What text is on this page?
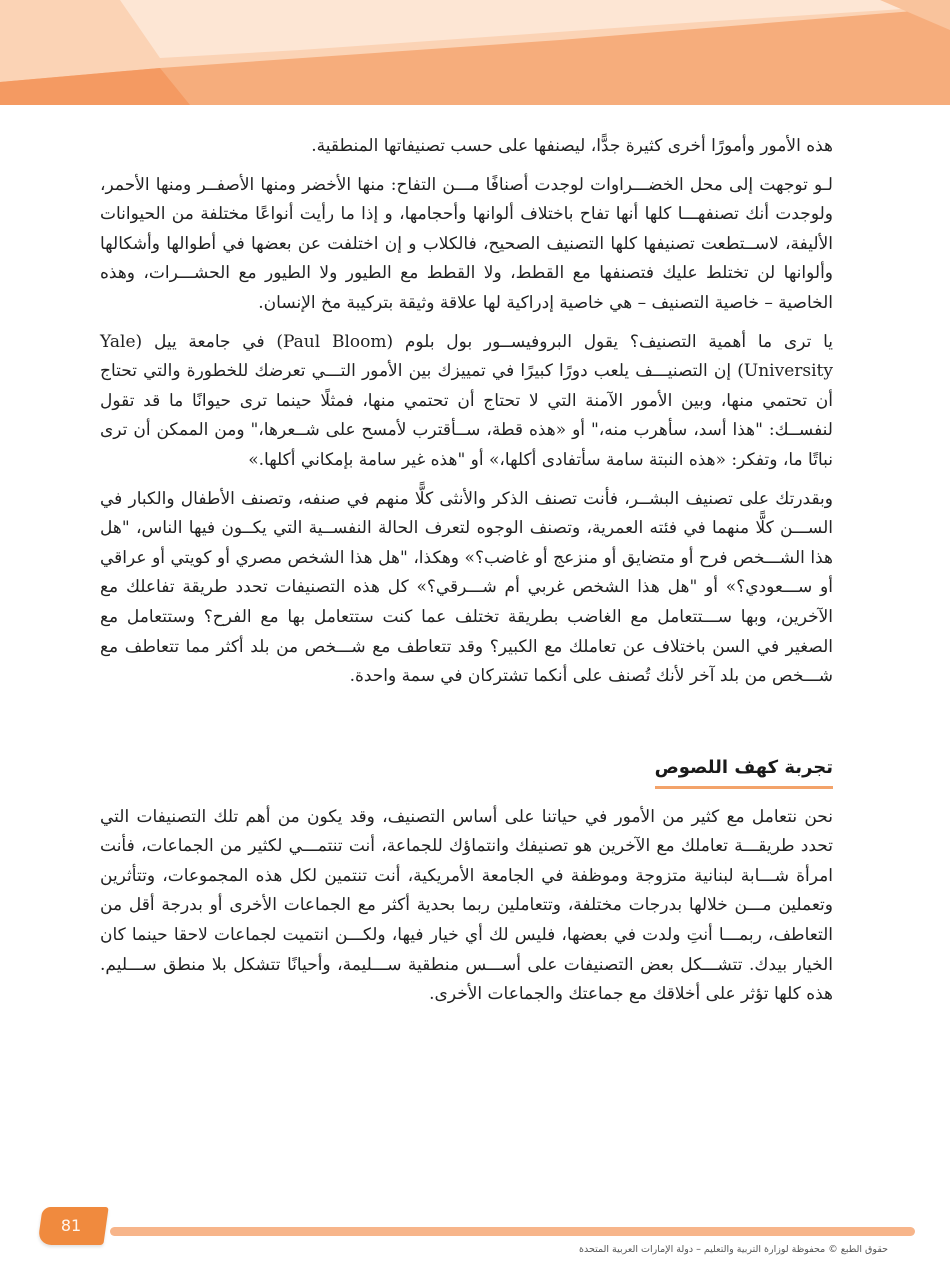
هذه الأمور وأمورًا أخرى كثيرة جدًّا، ليصنفها على حسب تصنيفاتها المنطقية.

لـو توجهت إلى محل الخضـــراوات لوجدت أصنافًا مـــن التفاح: منها الأخضر ومنها الأصفــر ومنها الأحمر، ولوجدت أنك تصنفهـــا كلها أنها تفاح باختلاف ألوانها وأحجامها، و إذا ما رأيت أنواعًا مختلفة من الحيوانات الأليفة، لاســتطعت تصنيفها كلها التصنيف الصحيح، فالكلاب و إن اختلفت عن بعضها في أطوالها وأشكالها وألوانها لن تختلط عليك فتصنفها مع القطط، ولا القطط مع الطيور ولا الطيور مع الحشـــرات، وهذه الخاصية – خاصية التصنيف – هي خاصية إدراكية لها علاقة وثيقة بتركيبة مخ الإنسان.

يا ترى ما أهمية التصنيف؟ يقول البروفيســور بول بلوم (Paul Bloom) في جامعة ييل (Yale University) إن التصنيـــف يلعب دورًا كبيرًا في تمييزك بين الأمور التـــي تعرضك للخطورة والتي تحتاج أن تحتمي منها، وبين الأمور الآمنة التي لا تحتاج أن تحتمي منها، فمثلًا حينما ترى حيوانًا ما قد تقول لنفســك: "هذا أسد، سأهرب منه،" أو «هذه قطة، ســأقترب لأمسح على شــعرها،" ومن الممكن أن ترى نباتًا ما، وتفكر: «هذه النبتة سامة سأتفادى أكلها،» أو "هذه غير سامة بإمكاني أكلها.»

وبقدرتك على تصنيف البشــر، فأنت تصنف الذكر والأنثى كلًّا منهم في صنفه، وتصنف الأطفال والكبار في الســـن كلًّا منهما في فئته العمرية، وتصنف الوجوه لتعرف الحالة النفســية التي يكــون فيها الناس، "هل هذا الشـــخص فرح أو متضايق أو منزعج أو غاضب؟» وهكذا، "هل هذا الشخص مصري أو كويتي أو عراقي أو ســـعودي؟» أو "هل هذا الشخص غربي أم شـــرقي؟» كل هذه التصنيفات تحدد طريقة تفاعلك مع الآخرين، وبها ســـتتعامل مع الغاضب بطريقة تختلف عما كنت ستتعامل بها مع الفرح؟ وستتعامل مع الصغير في السن باختلاف عن تعاملك مع الكبير؟ وقد تتعاطف مع شـــخص من بلد أكثر مما تتعاطف مع شـــخص من بلد آخر لأنك تُصنف على أنكما تشتركان في سمة واحدة.

تجربة كهف اللصوص

نحن نتعامل مع كثير من الأمور في حياتنا على أساس التصنيف، وقد يكون من أهم تلك التصنيفات التي تحدد طريقـــة تعاملك مع الآخرين هو تصنيفك وانتماؤك للجماعة، أنت تنتمـــي لكثير من الجماعات، فأنت امرأة شـــابة لبنانية متزوجة وموظفة في الجامعة الأمريكية، أنت تنتمين لكل هذه المجموعات، وتتأثرين وتعملين مـــن خلالها بدرجات مختلفة، وتتعاملين ربما بحدية أكثر مع الجماعات الأخرى أو بدرجة أقل من التعاطف، ربمـــا أنتِ ولدت في بعضها، فليس لك أي خيار فيها، ولكـــن انتميت لجماعات لاحقا حينما كان الخيار بيدك. تتشـــكل بعض التصنيفات على أســـس منطقية ســـليمة، وأحيانًا تتشكل بلا منطق ســـليم. هذه كلها تؤثر على أخلاقك مع جماعتك والجماعات الأخرى.

81
حقوق الطبع © محفوظة لوزارة التربية والتعليم – دولة الإمارات العربية المتحدة
